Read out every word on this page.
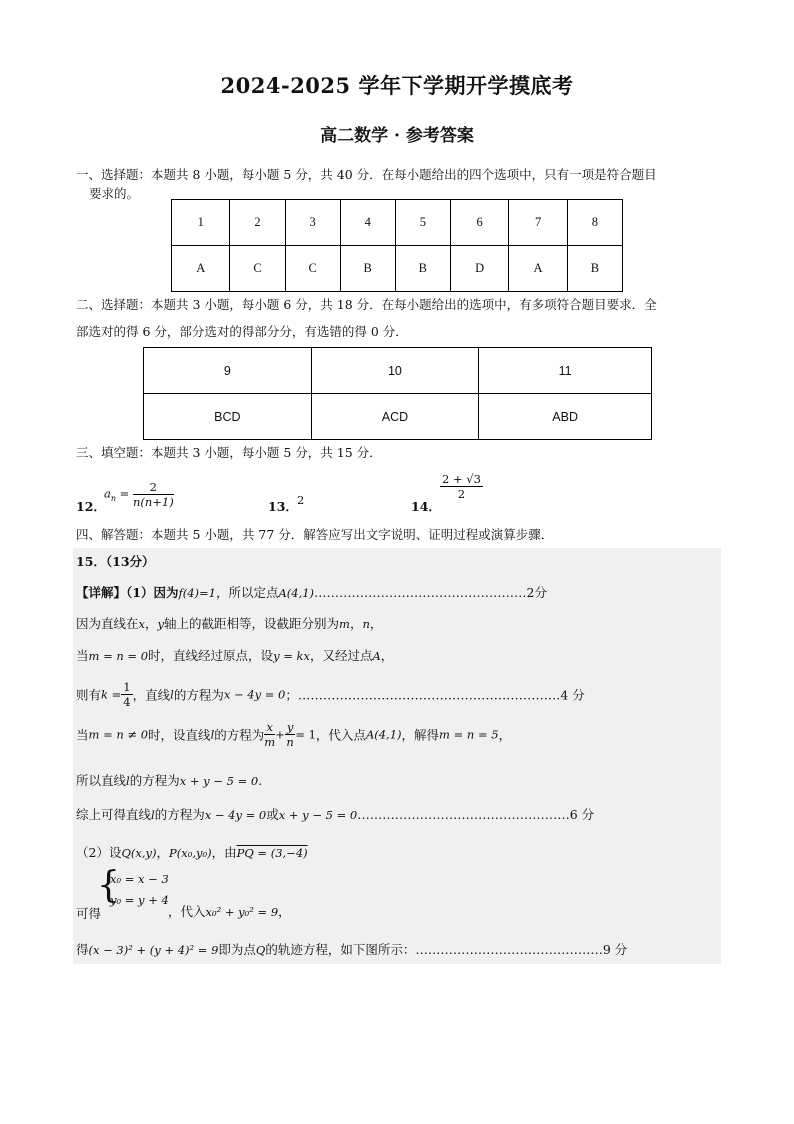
2024-2025 学年下学期开学摸底考
高二数学 · 参考答案
一、选择题：本题共 8 小题，每小题 5 分，共 40 分．在每小题给出的四个选项中，只有一项是符合题目
要求的。
1	2	3	4	5	6	7	8
A	C	C	B	B	D	A	B
二、选择题：本题共 3 小题，每小题 6 分，共 18 分．在每小题给出的选项中，有多项符合题目要求．全
部选对的得 6 分，部分选对的得部分分，有选错的得 0 分．
9	10	11
BCD	ACD	ABD
三、填空题：本题共 3 小题，每小题 5 分，共 15 分．
12．
$a_n = \frac{2}{n(n+1)}$	13． 2	14．
$\frac{2 + √3}{2}$
四、解答题：本题共 5 小题，共 77 分．解答应写出文字说明、证明过程或演算步骤．
15．（13分）
【详解】（1）因为f(4)=1，所以定点A(4,1)……………………………………………2分
因为直线在x，y轴上的截距相等，设截距分别为m，n，
当m = n = 0时，直线经过原点，设y = kx，又经过点A，
则有$k = \frac{1}{4}$ ，直线l的方程为x − 4y = 0；………………………………………………………4 分
当m = n ≠ 0时，设直线l的方程为 $\frac{x}{m} + \frac{y}{n} = 1$，代入点A(4,1)，解得m = n = 5，
所以直线l的方程为x + y − 5 = 0.
综上可得直线l的方程为x − 4y = 0或x + y − 5 = 0……………………………………………6 分
（2）设Q(x,y)，P(x₀,y₀)，由PQ = (3,−4)
{
x₀ = x − 3
y₀ = y + 4
可得	，代入x₀² + y₀² = 9，
得(x − 3)² + (y + 4)² = 9即为点Q的轨迹方程，如下图所示：………………………………………9 分
